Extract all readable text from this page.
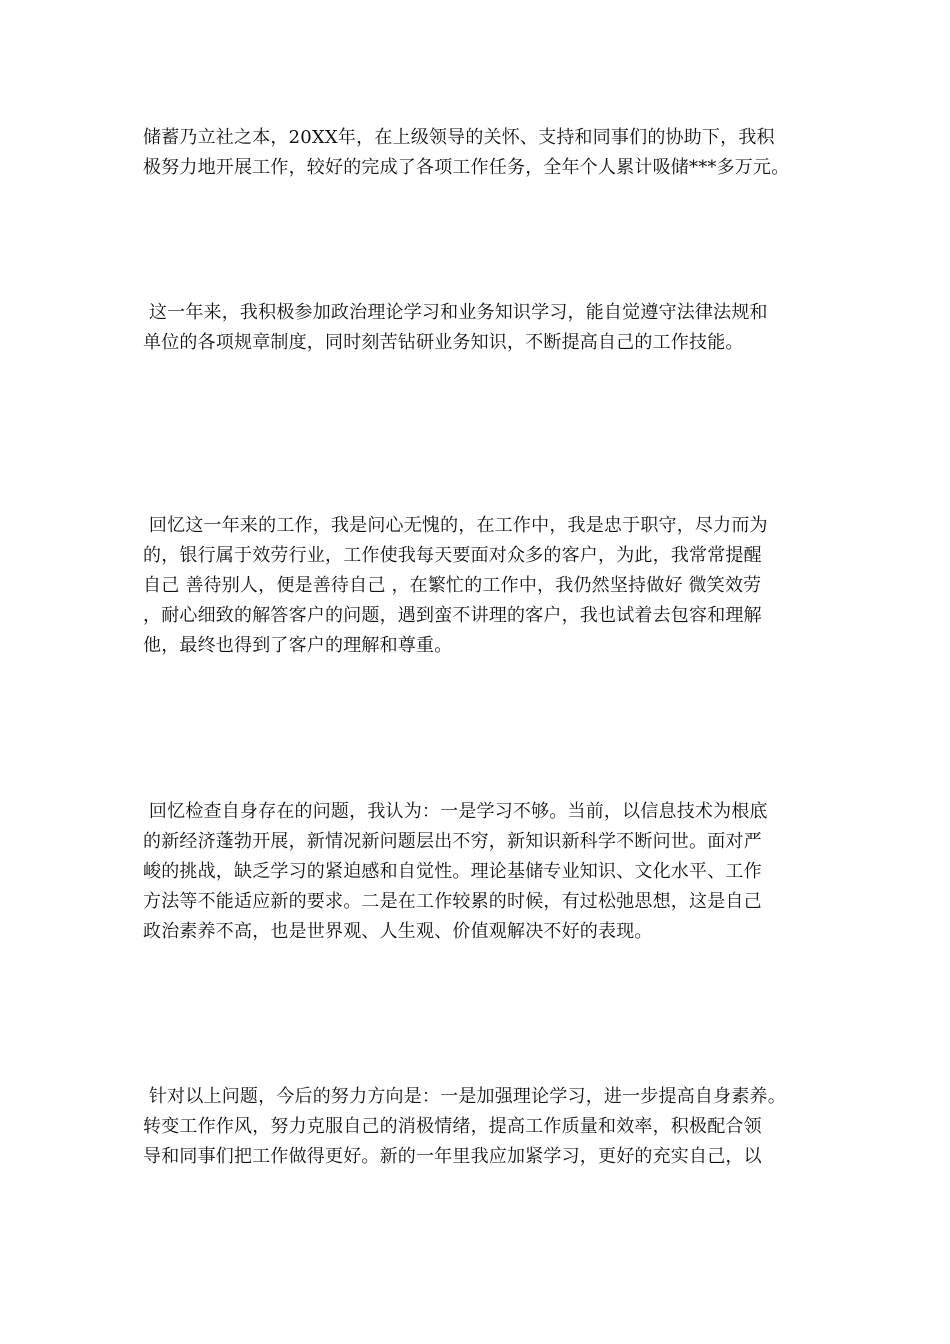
储蓄乃立社之本，20XX年，在上级领导的关怀、支持和同事们的协助下，我积
极努力地开展工作，较好的完成了各项工作任务，全年个人累计吸储***多万元。
这一年来，我积极参加政治理论学习和业务知识学习，能自觉遵守法律法规和
单位的各项规章制度，同时刻苦钻研业务知识，不断提高自己的工作技能。
回忆这一年来的工作，我是问心无愧的，在工作中，我是忠于职守，尽力而为
的，银行属于效劳行业，工作使我每天要面对众多的客户，为此，我常常提醒
自己 善待别人，便是善待自己 ，在繁忙的工作中，我仍然坚持做好 微笑效劳
，耐心细致的解答客户的问题，遇到蛮不讲理的客户，我也试着去包容和理解
他，最终也得到了客户的理解和尊重。
回忆检查自身存在的问题，我认为：一是学习不够。当前，以信息技术为根底
的新经济蓬勃开展，新情况新问题层出不穷，新知识新科学不断问世。面对严
峻的挑战，缺乏学习的紧迫感和自觉性。理论基储专业知识、文化水平、工作
方法等不能适应新的要求。二是在工作较累的时候，有过松弛思想，这是自己
政治素养不高，也是世界观、人生观、价值观解决不好的表现。
针对以上问题，今后的努力方向是：一是加强理论学习，进一步提高自身素养。
转变工作作风，努力克服自己的消极情绪，提高工作质量和效率，积极配合领
导和同事们把工作做得更好。新的一年里我应加紧学习，更好的充实自己，以
